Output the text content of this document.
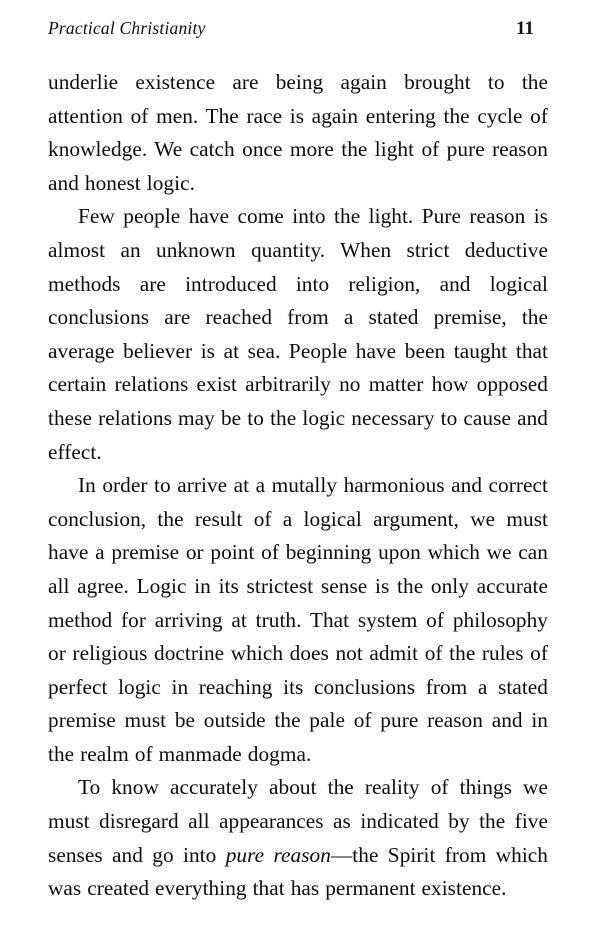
Practical Christianity	11

underlie existence are being again brought to the attention of men. The race is again entering the cycle of knowledge. We catch once more the light of pure reason and honest logic.

Few people have come into the light. Pure reason is almost an unknown quantity. When strict deductive methods are introduced into religion, and logical conclusions are reached from a stated premise, the average believer is at sea. People have been taught that certain relations exist arbitrarily no matter how opposed these relations may be to the logic necessary to cause and effect.

In order to arrive at a mutally harmonious and correct conclusion, the result of a logical argument, we must have a premise or point of beginning upon which we can all agree. Logic in its strictest sense is the only accurate method for arriving at truth. That system of philosophy or religious doctrine which does not admit of the rules of perfect logic in reaching its conclusions from a stated premise must be outside the pale of pure reason and in the realm of manmade dogma.

To know accurately about the reality of things we must disregard all appearances as indicated by the five senses and go into pure reason—the Spirit from which was created everything that has permanent existence.
